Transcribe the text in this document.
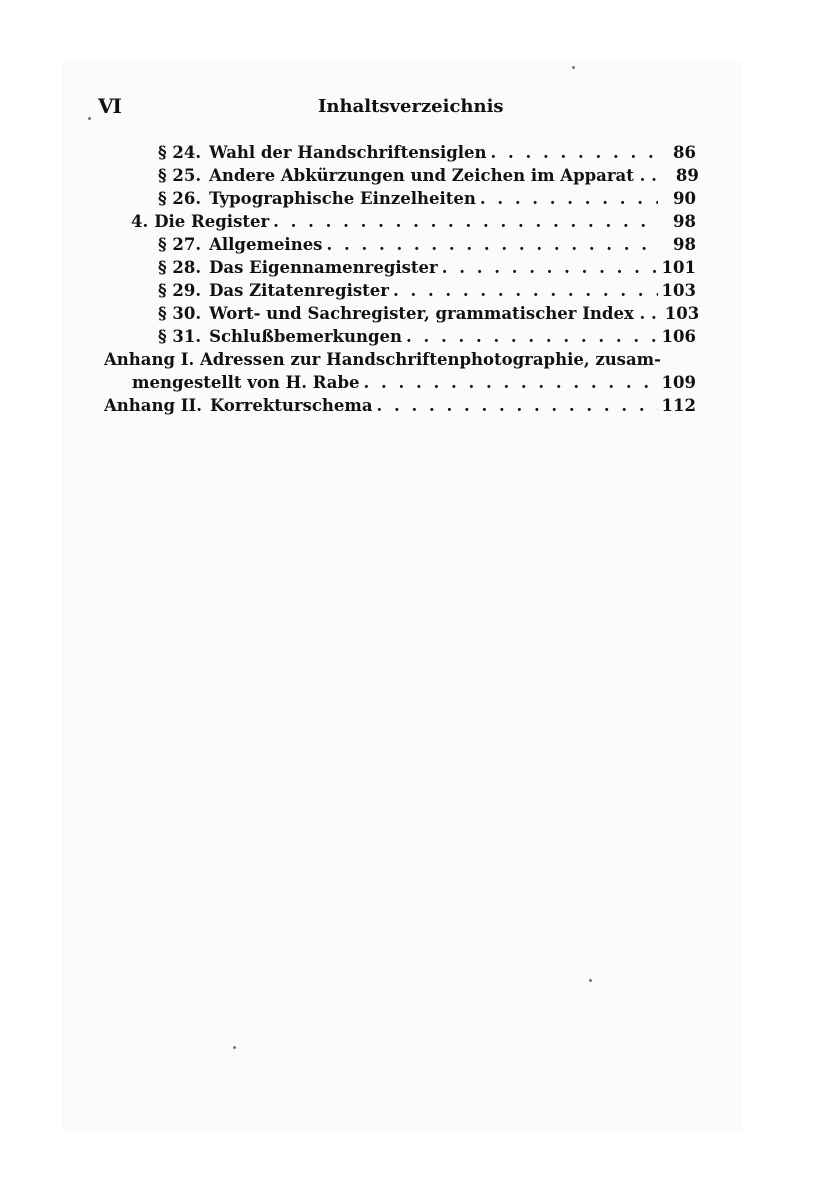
VI	Inhaltsverzeichnis
§ 24. Wahl der Handschriftensiglen . . .	86
§ 25. Andere Abkürzungen und Zeichen im Apparat . .	89
§ 26. Typographische Einzelheiten . . .	90
4. Die Register . . .	98
§ 27. Allgemeines . . .	98
§ 28. Das Eigennamenregister . . .	101
§ 29. Das Zitatenregister . . .	103
§ 30. Wort- und Sachregister, grammatischer Index . . 103
§ 31. Schlußbemerkungen . . .	106
Anhang I. Adressen zur Handschriftenphotographie, zusam-
mengestellt von H. Rabe . . .	109
Anhang II. Korrekturschema . . .	112
